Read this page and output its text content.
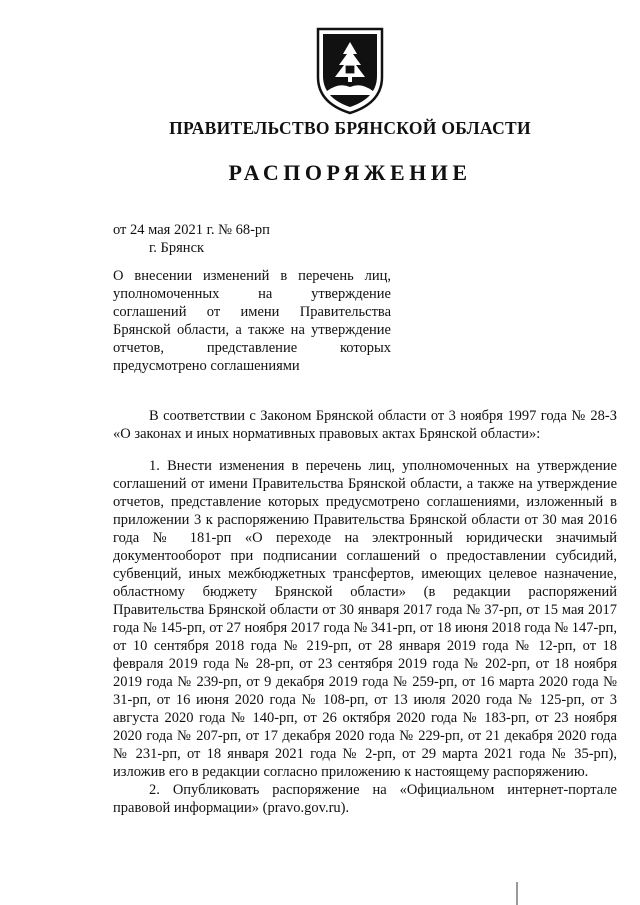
ПРАВИТЕЛЬСТВО БРЯНСКОЙ ОБЛАСТИ
РАСПОРЯЖЕНИЕ
от 24 мая 2021 г. № 68-рп
г. Брянск
О внесении изменений в перечень лиц, уполномоченных на утверждение соглашений от имени Правительства Брянской области, а также на утверждение отчетов, представление которых предусмотрено соглашениями

В соответствии с Законом Брянской области от 3 ноября 1997 года № 28-З «О законах и иных нормативных правовых актах Брянской области»:

1. Внести изменения в перечень лиц, уполномоченных на утверждение соглашений от имени Правительства Брянской области, а также на утверждение отчетов, представление которых предусмотрено соглашениями, изложенный в приложении 3 к распоряжению Правительства Брянской области от 30 мая 2016 года № 181-рп «О переходе на электронный юридически значимый документооборот при подписании соглашений о предоставлении субсидий, субвенций, иных межбюджетных трансфертов, имеющих целевое назначение, областному бюджету Брянской области» (в редакции распоряжений Правительства Брянской области от 30 января 2017 года № 37-рп, от 15 мая 2017 года № 145-рп, от 27 ноября 2017 года № 341-рп, от 18 июня 2018 года № 147-рп, от 10 сентября 2018 года № 219-рп, от 28 января 2019 года № 12-рп, от 18 февраля 2019 года № 28-рп, от 23 сентября 2019 года № 202-рп, от 18 ноября 2019 года № 239-рп, от 9 декабря 2019 года № 259-рп, от 16 марта 2020 года № 31-рп, от 16 июня 2020 года № 108-рп, от 13 июля 2020 года № 125-рп, от 3 августа 2020 года № 140-рп, от 26 октября 2020 года № 183-рп, от 23 ноября 2020 года № 207-рп, от 17 декабря 2020 года № 229-рп, от 21 декабря 2020 года № 231-рп, от 18 января 2021 года № 2-рп, от 29 марта 2021 года № 35-рп), изложив его в редакции согласно приложению к настоящему распоряжению.

2. Опубликовать распоряжение на «Официальном интернет-портале правовой информации» (pravo.gov.ru).
